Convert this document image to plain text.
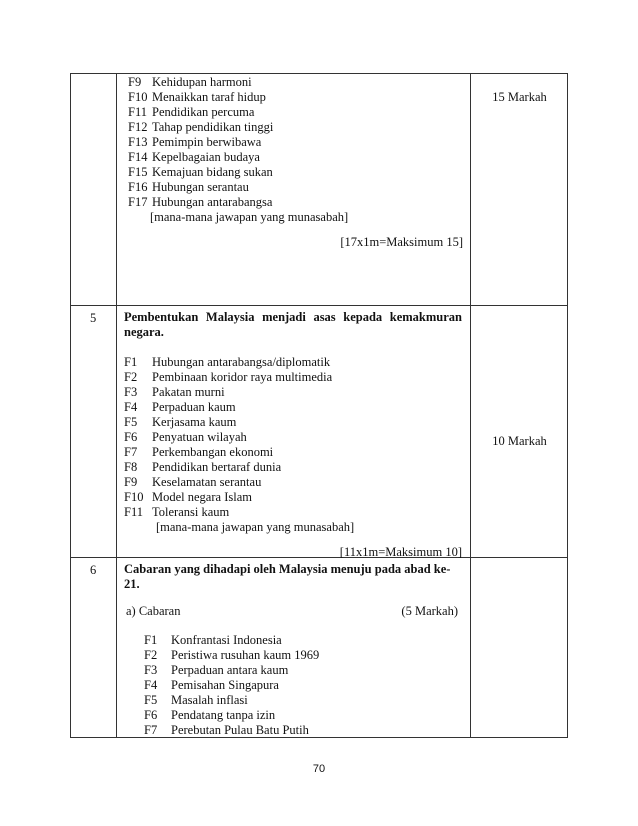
F9 Kehidupan harmoni
F10 Menaikkan taraf hidup
F11 Pendidikan percuma
F12 Tahap pendidikan tinggi
F13 Pemimpin berwibawa
F14 Kepelbagaian budaya
F15 Kemajuan bidang sukan
F16 Hubungan serantau
F17 Hubungan antarabangsa
[mana-mana jawapan yang munasabah]
[17x1m=Maksimum 15]
15 Markah
5 Pembentukan Malaysia menjadi asas kepada kemakmuran
negara.
F1 Hubungan antarabangsa/diplomatik
F2 Pembinaan koridor raya multimedia
F3 Pakatan murni
F4 Perpaduan kaum
F5 Kerjasama kaum
F6 Penyatuan wilayah
F7 Perkembangan ekonomi
F8 Pendidikan bertaraf dunia
F9 Keselamatan serantau
F10 Model negara Islam
F11 Toleransi kaum
[mana-mana jawapan yang munasabah]
[11x1m=Maksimum 10]
10 Markah
6 Cabaran yang dihadapi oleh Malaysia menuju pada abad ke-
21.
a) Cabaran	(5 Markah)
F1 Konfrantasi Indonesia
F2 Peristiwa rusuhan kaum 1969
F3 Perpaduan antara kaum
F4 Pemisahan Singapura
F5 Masalah inflasi
F6 Pendatang tanpa izin
F7 Perebutan Pulau Batu Putih
70
